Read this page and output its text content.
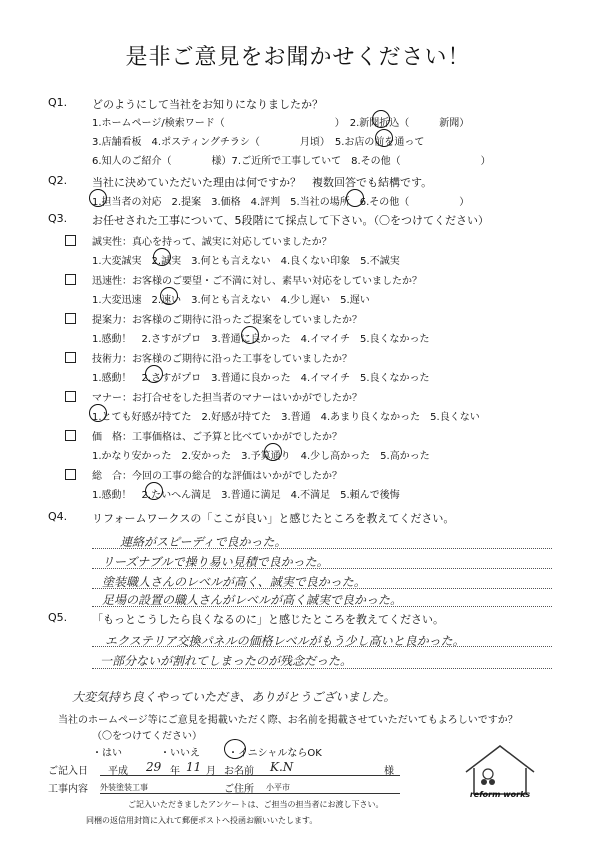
是非ご意見をお聞かせください！
Q1. どのようにして当社をお知りになりましたか？
1.ホームページ/検索ワード（　　　　　　　　　　　）　2.新聞折込（　　　新聞）
3.店舗看板　4.ポスティングチラシ（　　　　月頃）　5.お店の前を通って
6.知人のご紹介（　　　　様）7.ご近所で工事していて　8.その他（　　　　　　　　）
Q2. 当社に決めていただいた理由は何ですか？　複数回答でも結構です。
1.担当者の対応　2.提案　3.価格　4.評判　5.当社の場所　6.その他（　　　　　）
Q3. お任せされた工事について、5段階にて採点して下さい。（〇をつけてください）
誠実性：真心を持って、誠実に対応していましたか？
1.大変誠実　2.誠実　3.何とも言えない　4.良くない印象　5.不誠実
迅速性：お客様のご要望・ご不満に対し、素早い対応をしていましたか？
1.大変迅速　2.速い　3.何とも言えない　4.少し遅い　5.遅い
提案力：お客様のご期待に沿ったご提案をしていましたか？
1.感動！　2.さすがプロ　3.普通に良かった　4.イマイチ　5.良くなかった
技術力：お客様のご期待に沿った工事をしていましたか？
1.感動！　2.さすがプロ　3.普通に良かった　4.イマイチ　5.良くなかった
マナー：お打合せをした担当者のマナーはいかがでしたか？
1.とても好感が持てた　2.好感が持てた　3.普通　4.あまり良くなかった　5.良くない
価　格：工事価格は、ご予算と比べていかがでしたか？
1.かなり安かった　2.安かった　3.予算通り　4.少し高かった　5.高かった
総　合：今回の工事の総合的な評価はいかがでしたか？
1.感動！　2.たいへん満足　3.普通に満足　4.不満足　5.頼んで後悔
Q4. リフォームワークスの「ここが良い」と感じたところを教えてください。
連絡がスピーディで良かった。
リーズナブルで操り易い見積で良かった。
塗装職人さんのレベルが高く、誠実で良かった。
足場の設置の職人さんがレベルが高く誠実で良かった。
Q5. 「もっとこうしたら良くなるのに」と感じたところを教えてください。
エクステリア交換パネルの価格レベルがもう少し高いと良かった。
一部分ないが割れてしまったのが残念だった。
大変気持ち良くやっていただき、ありがとうございました。
当社のホームページ等にご意見を掲載いただく際、お名前を掲載させていただいてもよろしいですか？
（〇をつけてください）
・はい	・いいえ	・イニシャルならOK
ご記入日 平成 29 年 11 月 お名前 K.N	様
工事内容 外装塗装工事	ご住所 小平市
ご記入いただきましたアンケートは、ご担当の担当者にお渡し下さい。
同梱の返信用封筒に入れて郵便ポストへ投函お願いいたします。
reform works
